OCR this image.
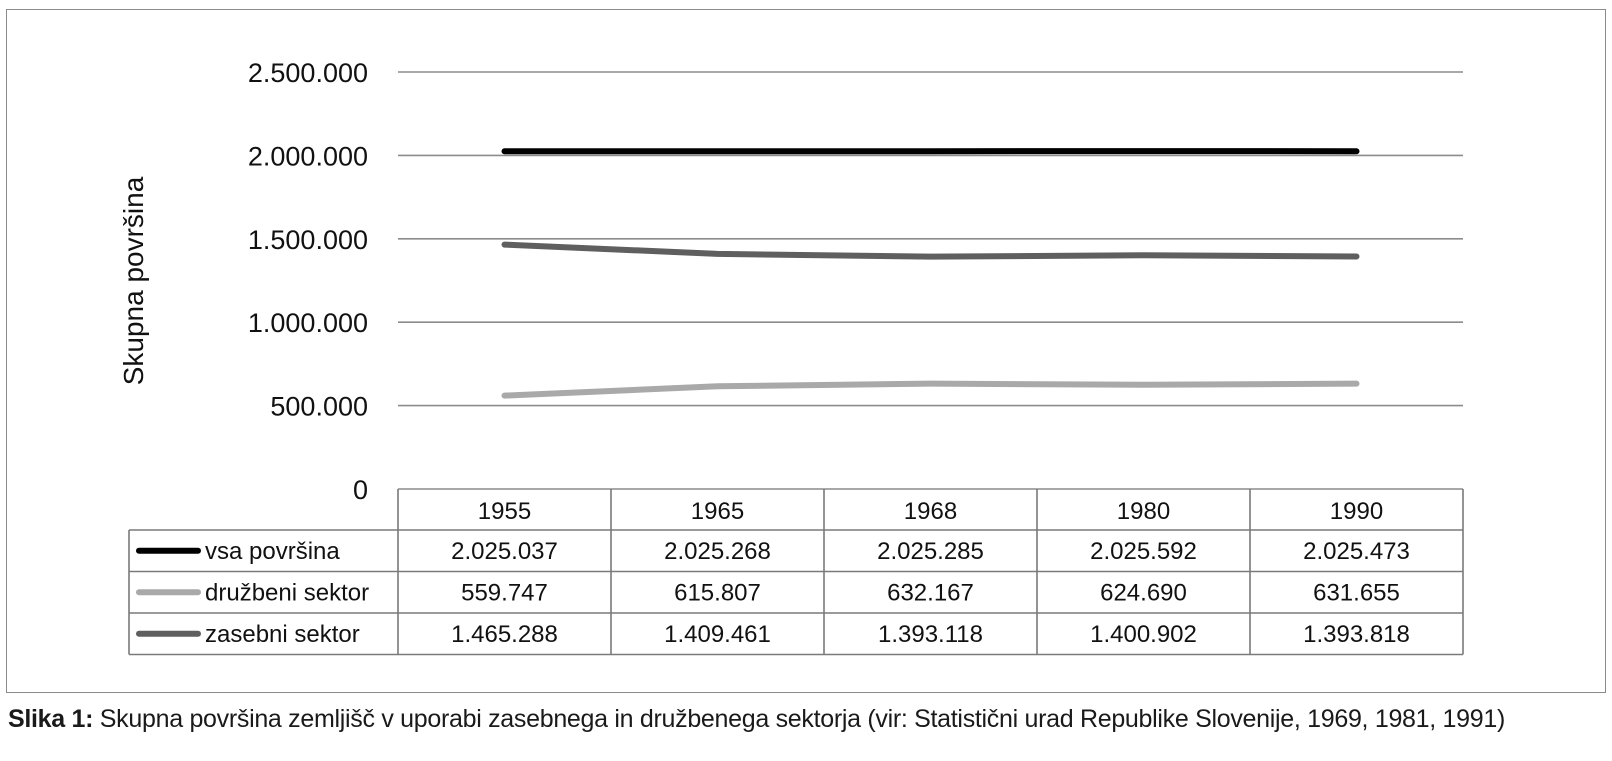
0
500.000
1.000.000
1.500.000
2.000.000
2.500.000
Skupna površina
1955	1965	1968	1980	1990
vsa površina	2.025.037	2.025.268	2.025.285	2.025.592	2.025.473
družbeni sektor	559.747	615.807	632.167	624.690	631.655
zasebni sektor	1.465.288	1.409.461	1.393.118	1.400.902	1.393.818
Slika 1: Skupna površina zemljišč v uporabi zasebnega in družbenega sektorja (vir: Statistični urad Republike Slovenije, 1969, 1981, 1991)
